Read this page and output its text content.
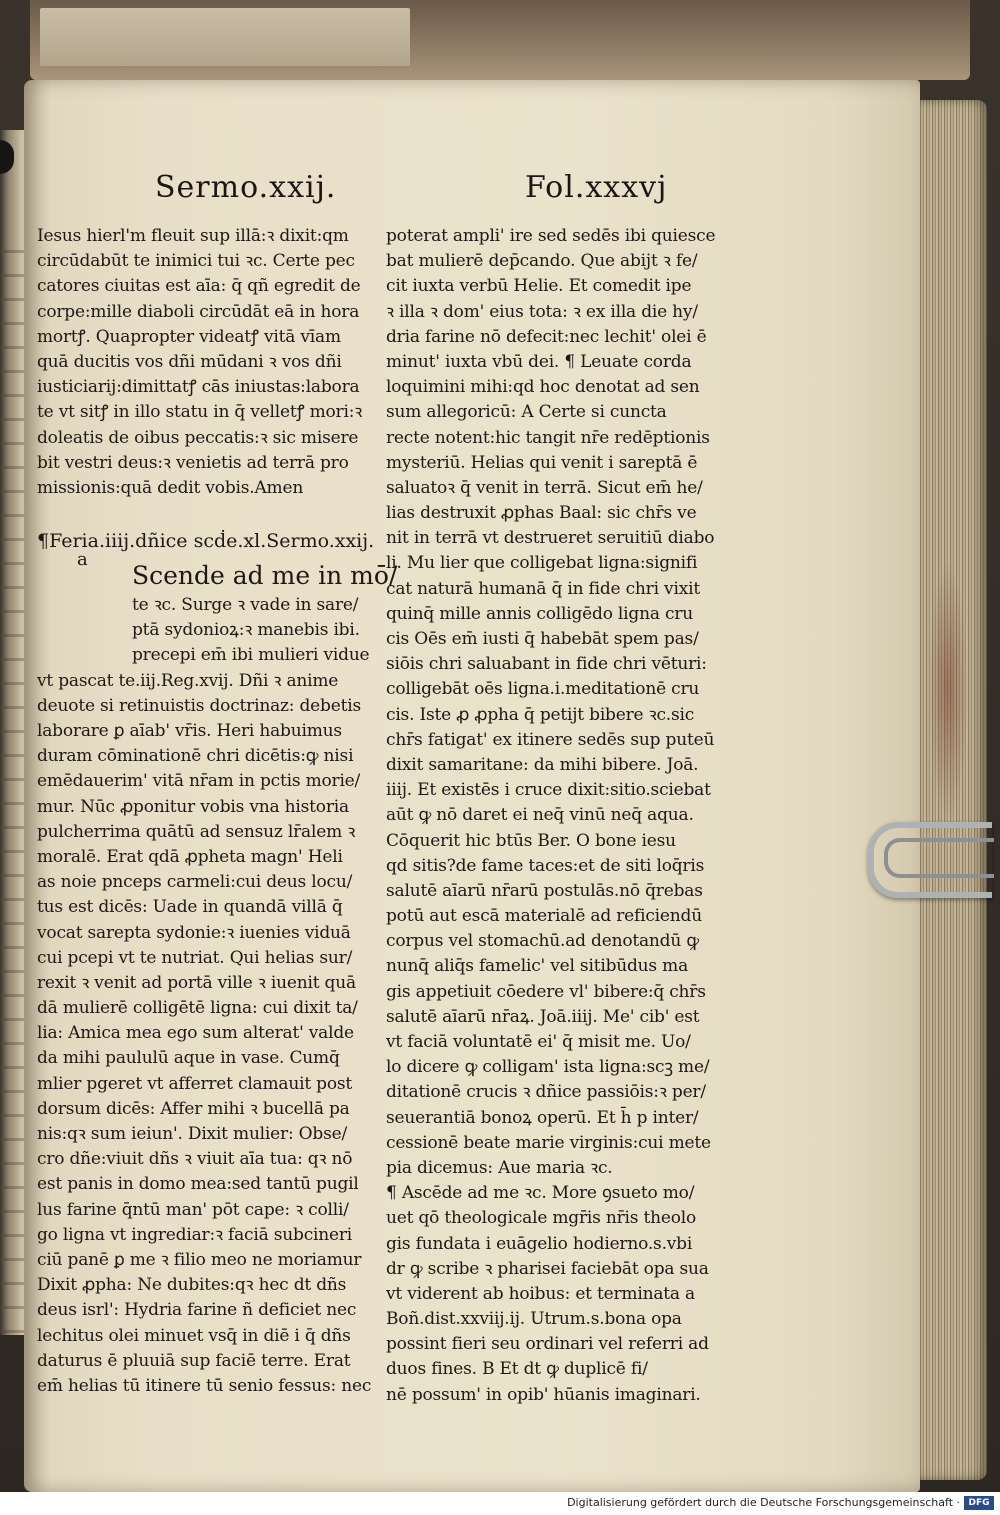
Sermo.xxij.	Fol.xxxvj
Iesus hierl'm fleuit sup illā:ꝛ dixit:qm
circūdabūt te inimici tui ꝛc. Certe pec
catores ciuitas est aīa: q̄ qñ egredit de
corpe:mille diaboli circūdāt eā in hora
mortꝭ. Quapropter videatꝭ vitā vīam
quā ducitis vos dñi mūdani ꝛ vos dñi
iusticiarij:dimittatꝭ cās iniustas:labora
te vt sitꝭ in illo statu in q̄ velletꝭ mori:ꝛ
doleatis de oibus peccatis:ꝛ sic misere
bit vestri deus:ꝛ venietis ad terrā pro
missionis:quā dedit vobis.Amen
¶Feria.iiij.dñice scḋe.xl.Sermo.xxij.
Scende ad me in mō/
te ꝛc. Surge ꝛ vade in sare/
ptā sydonioꝝ:ꝛ manebis ibi.
precepi em̄ ibi mulieri vidue
vt pascat te.iij.Reg.xvij. Dñi ꝛ anime
deuote si retinuistis doctrinaz: debetis
laborare ꝑ aīab' vr̄is. Heri habuimus
duram cōminationē chri dicētis:ꝙ nisi
emēdauerim' vitā nr̄am in pctis morie/
mur. Nūc ꝓponitur vobis vna historia
pulcherrima quātū ad sensuz lr̄alem ꝛ
moralē. Erat qdā ꝓpheta magn' Heli
as noie pnceps carmeli:cui deus locu/
tus est dicēs: Uade in quandā villā q̄
vocat sarepta sydonie:ꝛ iuenies viduā
cui pcepi vt te nutriat. Qui helias sur/
rexit ꝛ venit ad portā ville ꝛ iuenit quā
dā mulierē colligētē ligna: cui dixit ta/
lia: Amica mea ego sum alterat' valde
da mihi paululū aque in vase. Cumq̄
mlier pgeret vt afferret clamauit post
dorsum dicēs: Affer mihi ꝛ bucellā pa
nis:qꝛ sum ieiun'. Dixit mulier: Obse/
cro dñe:viuit dñs ꝛ viuit aīa tua: qꝛ nō
est panis in domo mea:sed tantū pugil
lus farine q̄ntū man' pōt cape: ꝛ colli/
go ligna vt ingrediar:ꝛ faciā subcineri
ciū panē ꝑ me ꝛ filio meo ne moriamur
Dixit ꝓpha: Ne dubites:qꝛ hec dt dñs
deus isrl': Hydria farine ñ deficiet nec
lechitus olei minuet vsq̄ in diē i q̄ dñs
daturus ē pluuiā sup faciē terre. Erat
em̄ helias tū itinere tū senio fessus: nec
a
poterat ampli' ire sed sedēs ibi quiesce
bat mulierē dep̄cando. Que abijt ꝛ fe/
cit iuxta verbū Helie. Et comedit ipe
ꝛ illa ꝛ dom' eius tota: ꝛ ex illa die hy/
dria farine nō defecit:nec lechit' olei ē
minut' iuxta vbū dei. ¶ Leuate corda
loquimini mihi:qd hoc denotat ad sen
sum allegoricū: A Certe si cuncta
recte notent:hic tangit nr̄e redēptionis
mysteriū. Helias qui venit i sareptā ē
saluatoꝛ q̄ venit in terrā. Sicut em̄ he/
lias destruxit ꝓphas Baal: sic chr̄s ve
nit in terrā vt destrueret seruitiū diabo
li. Mu lier que colligebat ligna:signifi
cat naturā humanā q̄ in fide chri vixit
quinq̄ mille annis colligēdo ligna cru
cis Oēs em̄ iusti q̄ habebāt spem pas/
siōis chri saluabant in fide chri vēturi:
colligebāt oēs ligna.i.meditationē cru
cis. Iste ꝓ ꝓpha q̄ petijt bibere ꝛc.sic
chr̄s fatigat' ex itinere sedēs sup puteū
dixit samaritane: da mihi bibere. Joā.
iiij. Et existēs i cruce dixit:sitio.sciebat
aūt ꝙ nō daret ei neq̄ vinū neq̄ aqua.
Cōquerit hic btūs Ber. O bone iesu
qd sitis?de fame taces:et de siti loq̄ris
salutē aīarū nr̄arū postulās.nō q̄rebas
potū aut escā materialē ad reficiendū
corpus vel stomachū.ad denotandū ꝙ
nunq̄ aliq̄s famelic' vel sitibūdus ma
gis appetiuit cōedere vl' bibere:q̄ chr̄s
salutē aīarū nr̄aꝝ. Joā.iiij. Me' cib' est
vt faciā voluntatē ei' q̄ misit me. Uo/
lo dicere ꝙ colligam' ista ligna:scꝫ me/
ditationē crucis ꝛ dñice passiōis:ꝛ per/
seuerantiā bonoꝝ operū. Et h̄ p inter/
cessionē beate marie virginis:cui mete
pia dicemus: Aue maria ꝛc.
¶ Ascēde ad me ꝛc. More ꝯsueto mo/
uet qō theologicale mgr̄is nr̄is theolo
gis fundata i euāgelio hodierno.s.vbi
dr ꝙ scribe ꝛ pharisei faciebāt opa sua
vt viderent ab hoibus: et terminata a
Boñ.dist.xxviij.ij. Utrum.s.bona opa
possint fieri seu ordinari vel referri ad
duos fines. B Et dt ꝙ duplicē fi/
nē possum' in opib' hūanis imaginari.
Digitalisierung gefördert durch die Deutsche Forschungsgemeinschaft · DFG
